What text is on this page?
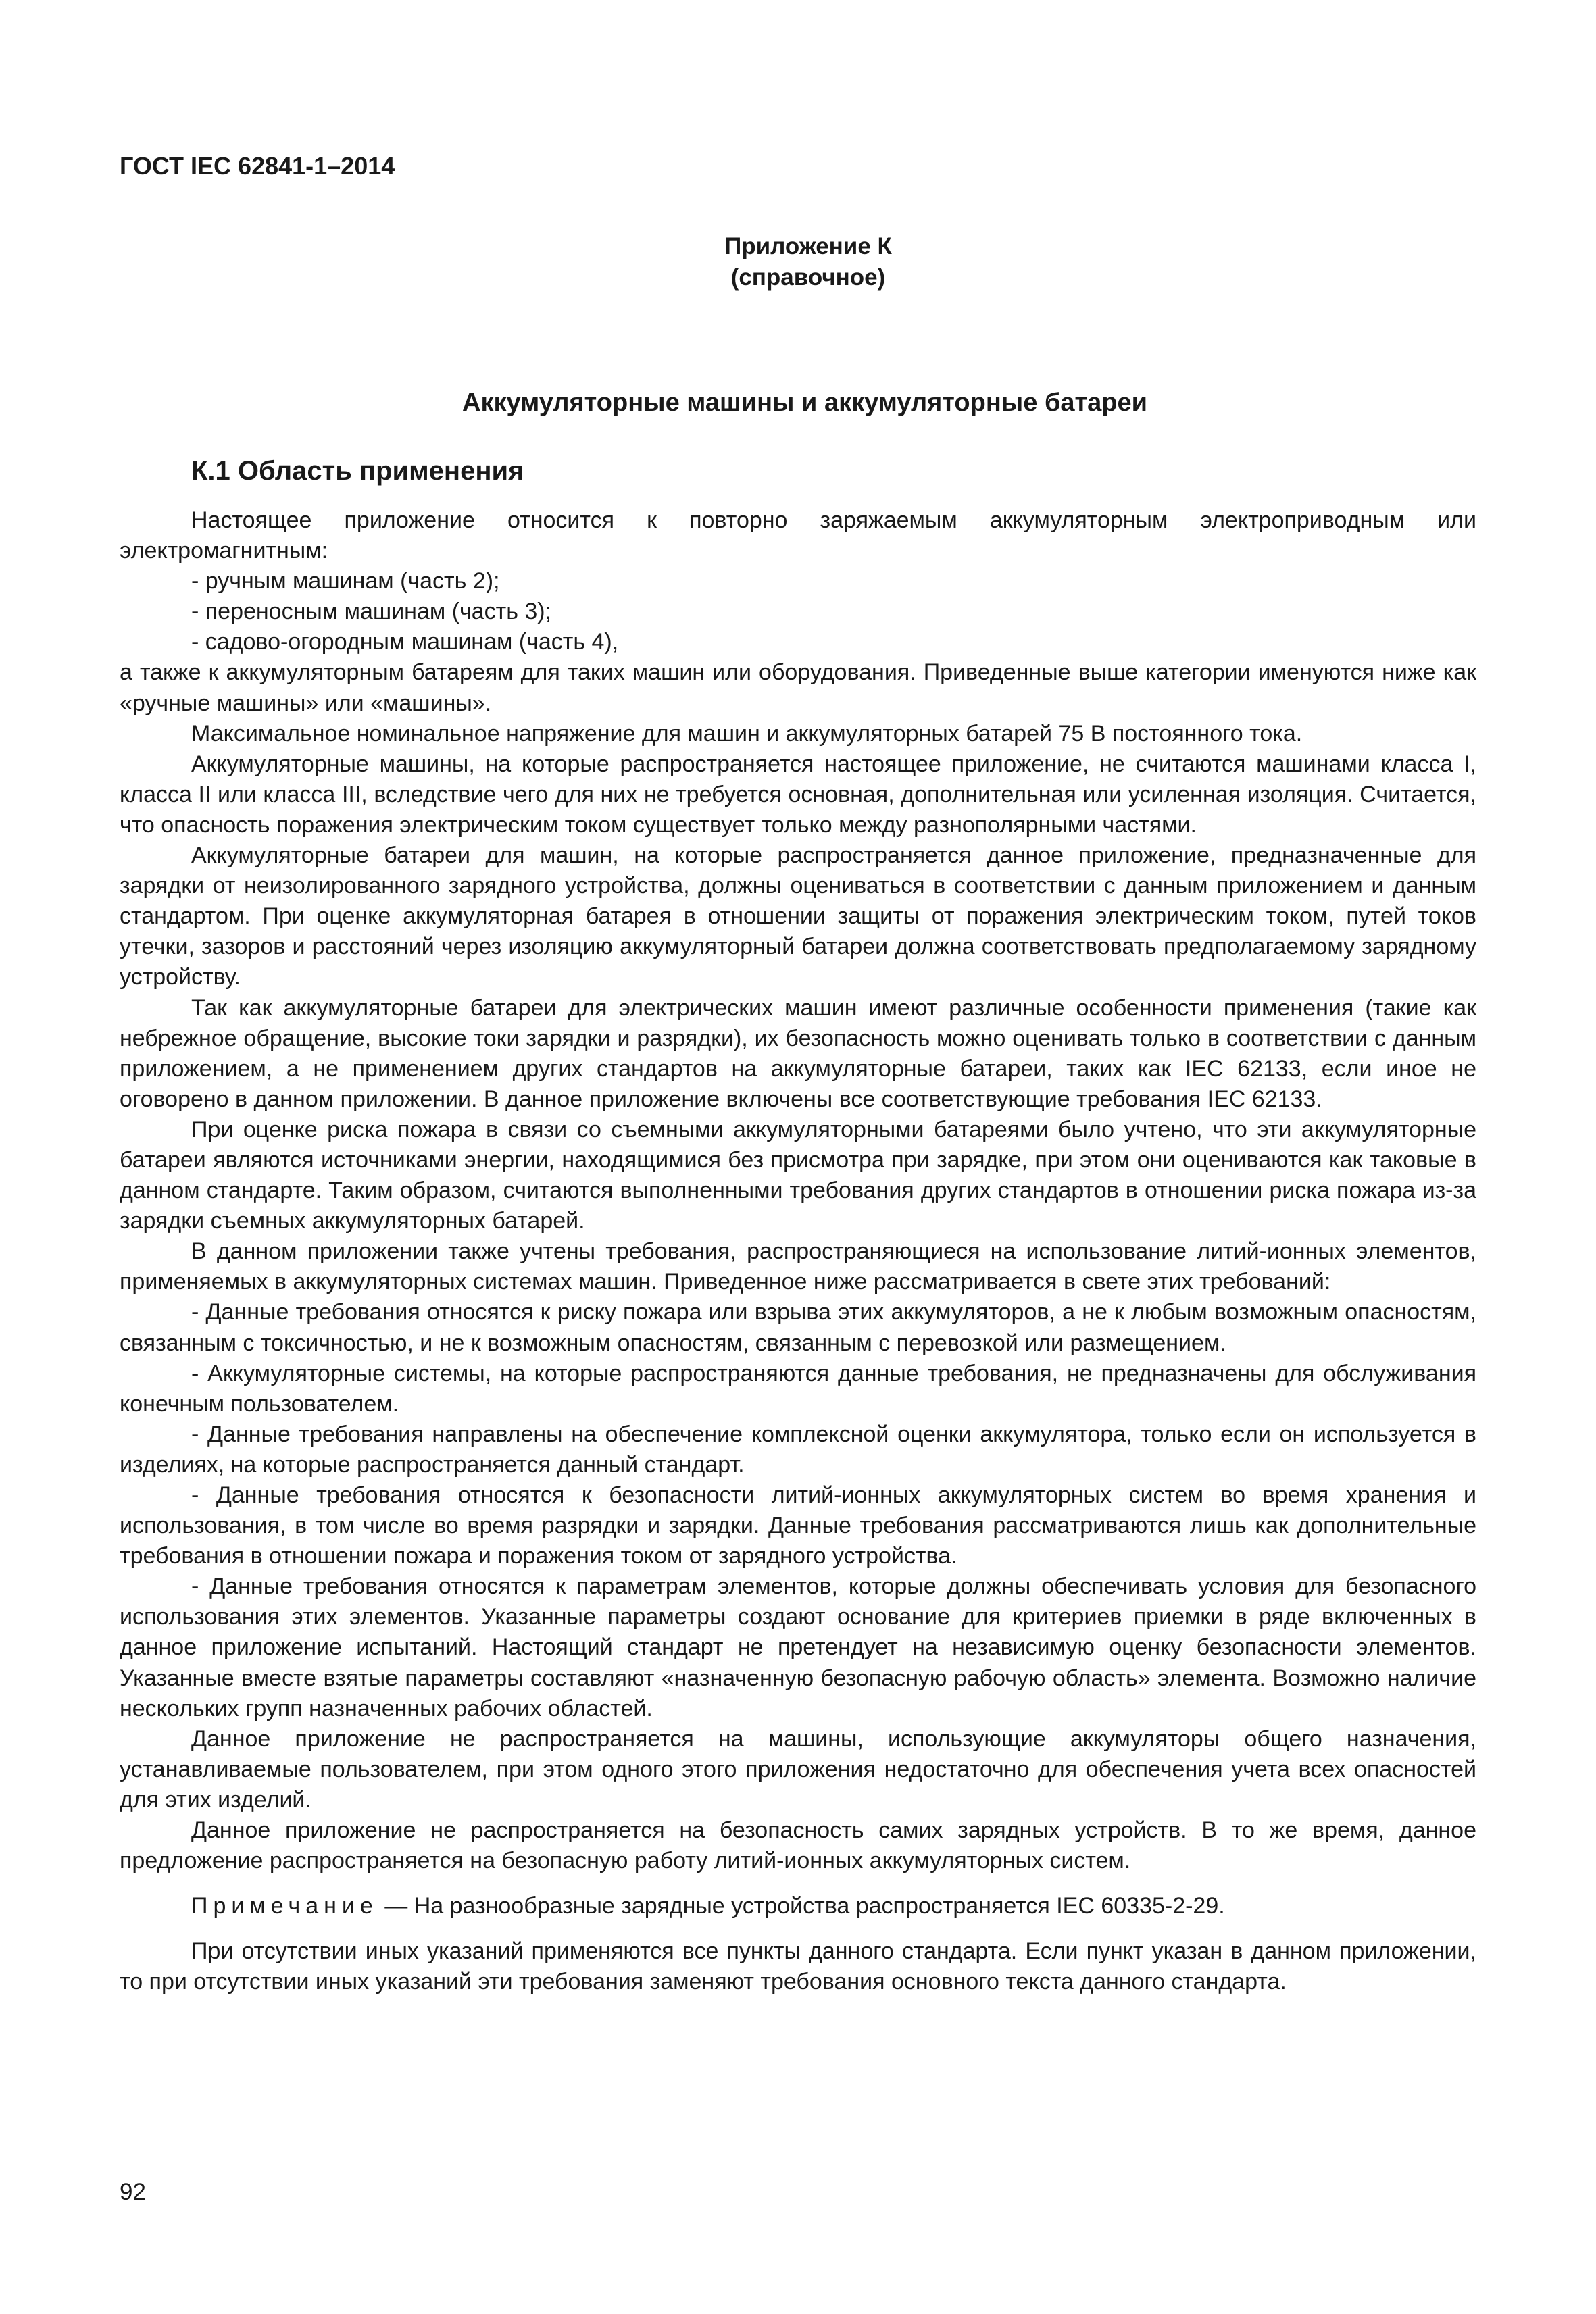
ГОСТ IEC 62841-1–2014
Приложение К
(справочное)
Аккумуляторные машины и аккумуляторные батареи
К.1 Область применения

Настоящее приложение относится к повторно заряжаемым аккумуляторным электроприводным или электромагнитным:

- ручным машинам (часть 2);

- переносным машинам (часть 3);

- садово-огородным машинам (часть 4),

а также к аккумуляторным батареям для таких машин или оборудования. Приведенные выше категории именуются ниже как «ручные машины» или «машины».

Максимальное номинальное напряжение для машин и аккумуляторных батарей 75 В постоянного тока.

Аккумуляторные машины, на которые распространяется настоящее приложение, не считаются машинами класса I, класса II или класса III, вследствие чего для них не требуется основная, дополнительная или усиленная изоляция. Считается, что опасность поражения электрическим током существует только между разнополярными частями.

Аккумуляторные батареи для машин, на которые распространяется данное приложение, предназначенные для зарядки от неизолированного зарядного устройства, должны оцениваться в соответствии с данным приложением и данным стандартом. При оценке аккумуляторная батарея в отношении защиты от поражения электрическим током, путей токов утечки, зазоров и расстояний через изоляцию аккумуляторный батареи должна соответствовать предполагаемому зарядному устройству.

Так как аккумуляторные батареи для электрических машин имеют различные особенности применения (такие как небрежное обращение, высокие токи зарядки и разрядки), их безопасность можно оценивать только в соответствии с данным приложением, а не применением других стандартов на аккумуляторные батареи, таких как IEC 62133, если иное не оговорено в данном приложении. В данное приложение включены все соответствующие требования IEC 62133.

При оценке риска пожара в связи со съемными аккумуляторными батареями было учтено, что эти аккумуляторные батареи являются источниками энергии, находящимися без присмотра при зарядке, при этом они оцениваются как таковые в данном стандарте. Таким образом, считаются выполненными требования других стандартов в отношении риска пожара из-за зарядки съемных аккумуляторных батарей.

В данном приложении также учтены требования, распространяющиеся на использование литий-ионных элементов, применяемых в аккумуляторных системах машин. Приведенное ниже рассматривается в свете этих требований:

- Данные требования относятся к риску пожара или взрыва этих аккумуляторов, а не к любым возможным опасностям, связанным с токсичностью, и не к возможным опасностям, связанным с перевозкой или размещением.

- Аккумуляторные системы, на которые распространяются данные требования, не предназначены для обслуживания конечным пользователем.

- Данные требования направлены на обеспечение комплексной оценки аккумулятора, только если он используется в изделиях, на которые распространяется данный стандарт.

- Данные требования относятся к безопасности литий-ионных аккумуляторных систем во время хранения и использования, в том числе во время разрядки и зарядки. Данные требования рассматриваются лишь как дополнительные требования в отношении пожара и поражения током от зарядного устройства.

- Данные требования относятся к параметрам элементов, которые должны обеспечивать условия для безопасного использования этих элементов. Указанные параметры создают основание для критериев приемки в ряде включенных в данное приложение испытаний. Настоящий стандарт не претендует на независимую оценку безопасности элементов. Указанные вместе взятые параметры составляют «назначенную безопасную рабочую область» элемента. Возможно наличие нескольких групп назначенных рабочих областей.

Данное приложение не распространяется на машины, использующие аккумуляторы общего назначения, устанавливаемые пользователем, при этом одного этого приложения недостаточно для обеспечения учета всех опасностей для этих изделий.

Данное приложение не распространяется на безопасность самих зарядных устройств. В то же время, данное предложение распространяется на безопасную работу литий-ионных аккумуляторных систем.

Примечание — На разнообразные зарядные устройства распространяется IEC 60335-2-29.

При отсутствии иных указаний применяются все пункты данного стандарта. Если пункт указан в данном приложении, то при отсутствии иных указаний эти требования заменяют требования основного текста данного стандарта.

92
